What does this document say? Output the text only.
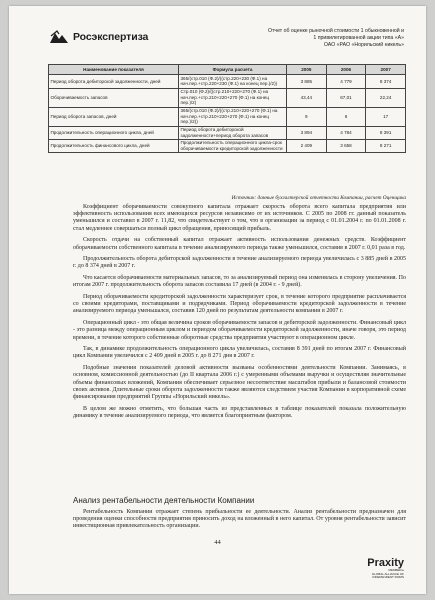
Росэкспертиза	Отчет об оценке рыночной стоимости 1 обыкновенной и
1 привилегированной акции типа «А»
ОАО «РАО «Норильский никель»
Наименование показателя	Формула расчета	2005	2006	2007
Период оборота дебиторской задолженности, дней	365/(стр.010 (Ф.2)/((стр.220+230 (Ф.1) на нач.пер.+стр.220+230 (Ф.1) на конец пер.)/2))	3 885	4 779	8 374
Оборачиваемость запасов	Стр.010 (Ф.2)/((стр.210+220+270 (Ф.1) на нач.пер.+стр.210+220+270 (Ф.1) на конец пер.)/2)	43,44	67,01	22,24
Период оборота запасов, дней	365/(стр.010 (Ф.2)/((стр.210+220+270 (Ф.1) на нач.пер.+стр.210+220+270 (Ф.1) на конец пер.)/2))	9	6	17
Продолжительность операционного цикла, дней	Период оборота дебиторской задолженности+период оборота запасов	3 894	4 784	8 391
Продолжительность финансового цикла, дней	Продолжительность операционного цикла-срок оборачиваемости кредиторской задолженности	2 409	3 658	8 271
Источник: данные бухгалтерской отчетности Компании, расчет Оценщика

Коэффициент оборачиваемости совокупного капитала отражает скорость оборота всего капитала предприятия или эффективность использования всех имеющихся ресурсов независимо от их источников. С 2005 по 2008 гг. данный показатель уменьшился и составил в 2007 г. 11,82, что свидетельствует о том, что в организации за период с 01.01.2004 г. по 01.01.2008 г. стал медленнее совершаться полный цикл обращения, приносящий прибыль.

Скорость отдачи на собственный капитал отражает активность использования денежных средств. Коэффициент оборачиваемости собственного капитала в течение анализируемого периода также уменьшился, составив в 2007 г. 0,01 раза в год.

Продолжительность оборота дебиторской задолженности в течение анализируемого периода увеличилась с 3 885 дней в 2005 г. до 8 374 дней в 2007 г.

Что касается оборачиваемости материальных запасов, то за анализируемый период она изменялась в сторону увеличения. По итогам 2007 г. продолжительность оборота запасов составила 17 дней (в 2004 г. - 9 дней).

Период оборачиваемости кредиторской задолженности характеризует срок, в течение которого предприятие расплачивается со своими кредиторами, поставщиками и подрядчиками. Период оборачиваемости кредиторской задолженности в течение анализируемого периода уменьшался, составив 120 дней по результатам деятельности компании в 2007 г.

Операционный цикл - это общая величина сроков оборачиваемости запасов и дебиторской задолженности. Финансовый цикл - это разница между операционным циклом и периодом оборачиваемости кредиторской задолженности, иначе говоря, это период времени, в течение которого собственные оборотные средства предприятия участвуют в операционном цикле.

Так, в динамике продолжительность операционного цикла увеличилась, составив 8 391 дней по итогам 2007 г. Финансовый цикл Компании увеличился с 2 409 дней в 2005 г. до 8 271 дня в 2007 г.

Подобные значения показателей деловой активности вызваны особенностями деятельности Компании. Занимаясь, в основном, комиссионной деятельностью (до II квартала 2006 г.) с умеренными объемами выручки и осуществляя значительные объемы финансовых вложений, Компания обеспечивает серьезное несоответствие масштабов прибыли и балансовой стоимости своих активов. Длительные сроки оборота задолженности также являются следствием участия Компании в корпоративной схеме финансирования предприятий Группы «Норильский никель».

В целом же можно отметить, что большая часть из представленных в таблице показателей показала положительную динамику в течение анализируемого периода, что является благоприятным фактором.

Анализ рентабельности деятельности Компании

Рентабельность Компании отражает степень прибыльности ее деятельности. Анализ рентабельности предназначен для проведения оценки способности предприятия приносить доход на вложенный в него капитал. От уровня рентабельности зависит инвестиционная привлекательность организации.

44
Praxity
MEMBER ▸
GLOBAL ALLIANCE OF
INDEPENDENT FIRMS
